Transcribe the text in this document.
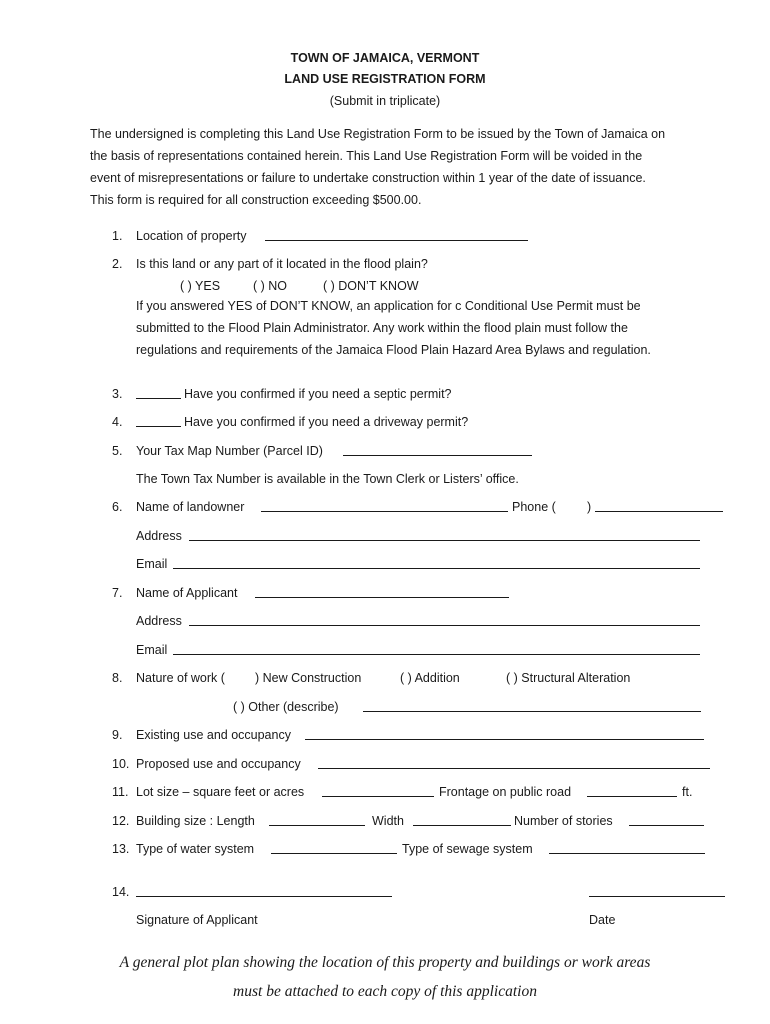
TOWN OF JAMAICA, VERMONT
LAND USE REGISTRATION FORM
(Submit in triplicate)
The undersigned is completing this Land Use Registration Form to be issued by the Town of Jamaica on
the basis of representations contained herein. This Land Use Registration Form will be voided in the
event of misrepresentations or failure to undertake construction within 1 year of the date of issuance.
This form is required for all construction exceeding $500.00.
1. Location of property
2. Is this land or any part of it located in the flood plain?
( ) YES	( ) NO	( ) DON’T KNOW
If you answered YES of DON’T KNOW, an application for c Conditional Use Permit must be
submitted to the Flood Plain Administrator. Any work within the flood plain must follow the
regulations and requirements of the Jamaica Flood Plain Hazard Area Bylaws and regulation.
3.	Have you confirmed if you need a septic permit?
4.	Have you confirmed if you need a driveway permit?
5. Your Tax Map Number (Parcel ID)
The Town Tax Number is available in the Town Clerk or Listers’ office.
6. Name of landowner	Phone ( )
Address
Email
7. Name of Applicant
Address
Email
8. Nature of work ( ) New Construction	( ) Addition	( ) Structural Alteration
( ) Other (describe)
9. Existing use and occupancy
10. Proposed use and occupancy
11. Lot size – square feet or acres	Frontage on public road	ft.
12. Building size : Length	Width	Number of stories
13. Type of water system	Type of sewage system
14.
Signature of Applicant	Date
A general plot plan showing the location of this property and buildings or work areas
must be attached to each copy of this application
